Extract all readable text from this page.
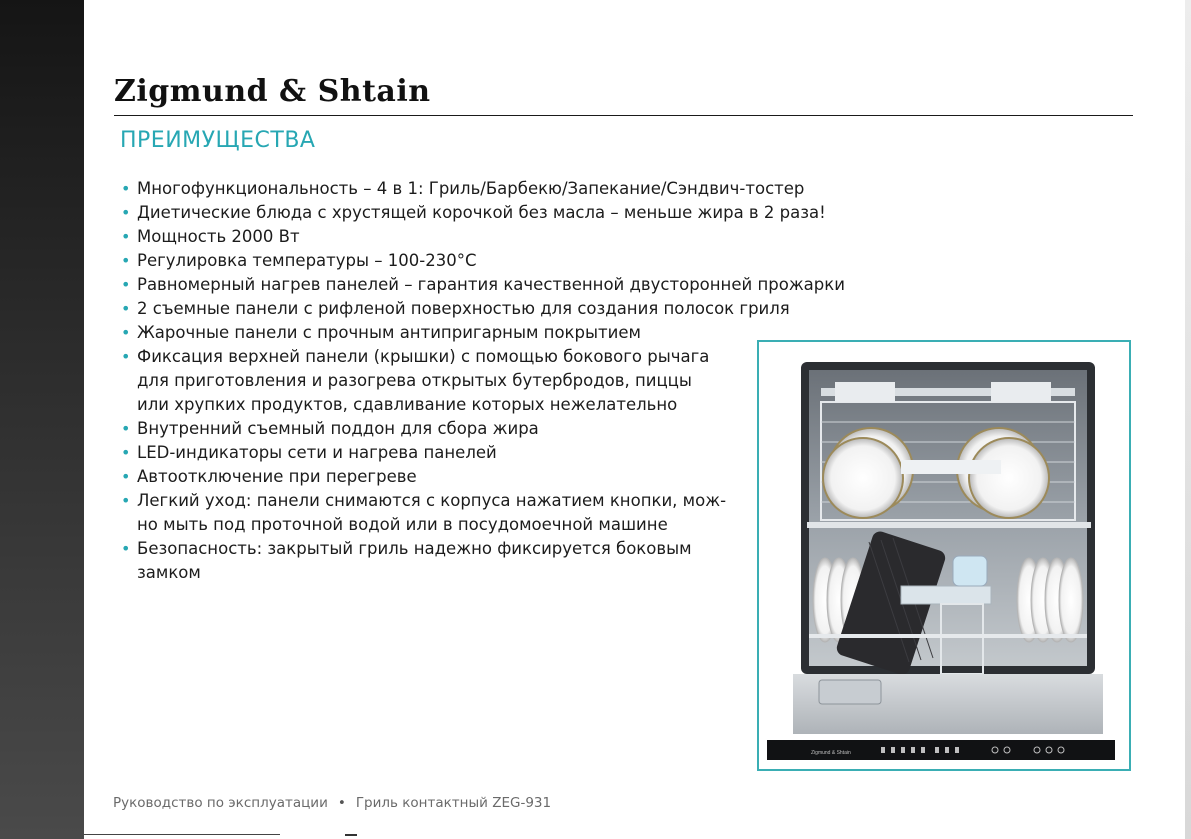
Zigmund & Shtain
ПРЕИМУЩЕСТВА
• Многофункциональность – 4 в 1: Гриль/Барбекю/Запекание/Сэндвич-тостер
• Диетические блюда с хрустящей корочкой без масла – меньше жира в 2 раза!
• Мощность 2000 Вт
• Регулировка температуры – 100-230°С
• Равномерный нагрев панелей – гарантия качественной двусторонней прожарки
• 2 съемные панели с рифленой поверхностью для создания полосок гриля
• Жарочные панели с прочным антипригарным покрытием
• Фиксация верхней панели (крышки) с помощью бокового рычага
для приготовления и разогрева открытых бутербродов, пиццы
или хрупких продуктов, сдавливание которых нежелательно
• Внутренний съемный поддон для сбора жира
• LED-индикаторы сети и нагрева панелей
• Автоотключение при перегреве
• Легкий уход: панели снимаются с корпуса нажатием кнопки, мож-
но мыть под проточной водой или в посудомоечной машине
• Безопасность: закрытый гриль надежно фиксируется боковым
замком
Zigmund & Shtain
Руководство по эксплуатации • Гриль контактный ZEG-931
